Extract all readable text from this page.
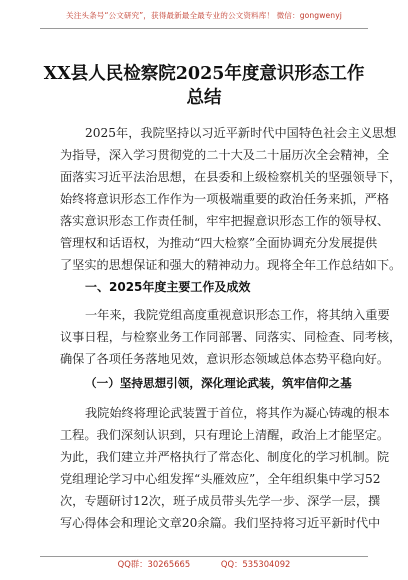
关注头条号“公文研究”，获得最新最全最专业的公文资料库！ 微信：gongwenyj
XX县人民检察院2025年度意识形态工作
总结
2025年，我院坚持以习近平新时代中国特色社会主义思想
为指导，深入学习贯彻党的二十大及二十届历次全会精神，全
面落实习近平法治思想，在县委和上级检察机关的坚强领导下，
始终将意识形态工作作为一项极端重要的政治任务来抓，严格
落实意识形态工作责任制，牢牢把握意识形态工作的领导权、
管理权和话语权，为推动“四大检察”全面协调充分发展提供
了坚实的思想保证和强大的精神动力。现将全年工作总结如下。
一、2025年度主要工作及成效
一年来，我院党组高度重视意识形态工作，将其纳入重要
议事日程，与检察业务工作同部署、同落实、同检查、同考核，
确保了各项任务落地见效，意识形态领域总体态势平稳向好。
（一）坚持思想引领，深化理论武装，筑牢信仰之基
我院始终将理论武装置于首位，将其作为凝心铸魂的根本
工程。我们深刻认识到，只有理论上清醒，政治上才能坚定。
为此，我们建立并严格执行了常态化、制度化的学习机制。院
党组理论学习中心组发挥“头雁效应”，全年组织集中学习52
次，专题研讨12次，班子成员带头先学一步、深学一层，撰
写心得体会和理论文章20余篇。我们坚持将习近平新时代中
QQ群：30265665	QQ：535304092
